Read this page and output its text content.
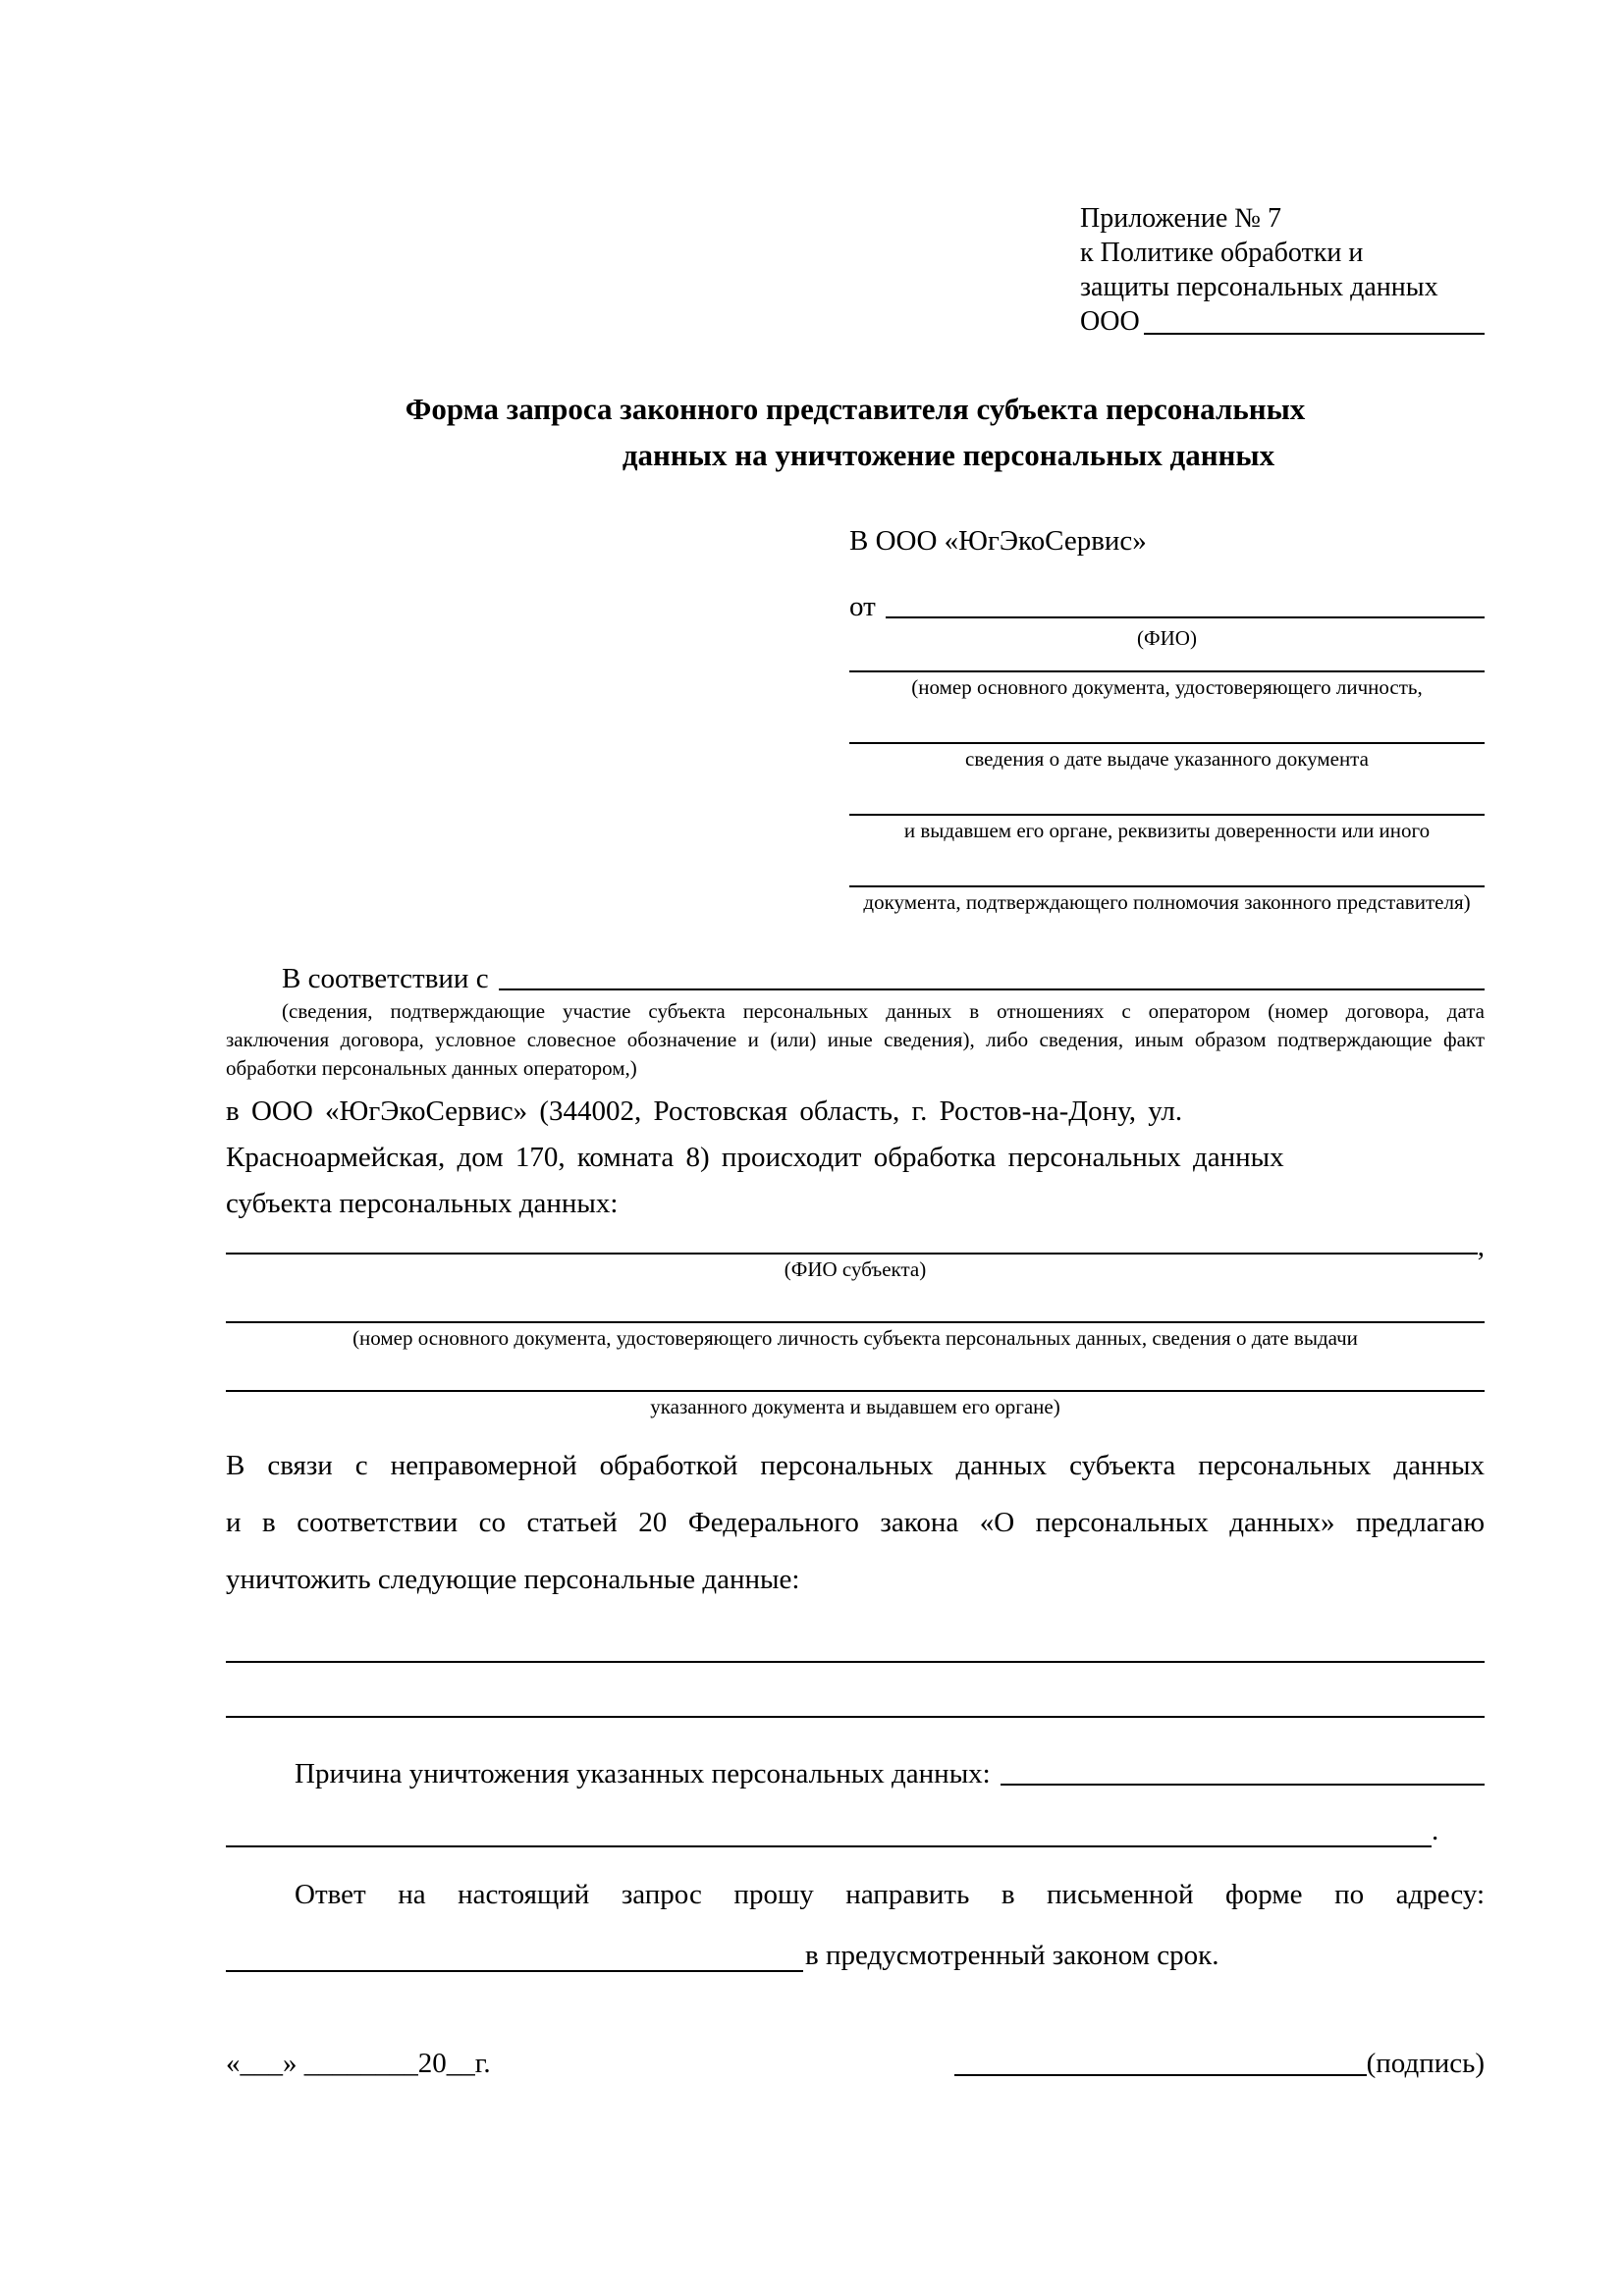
Приложение № 7
к Политике обработки и
защиты персональных данных
ООО
Форма запроса законного представителя субъекта персональных
данных на уничтожение персональных данных
В ООО «ЮгЭкоСервис»
от
(ФИО)
(номер основного документа, удостоверяющего личность,
сведения о дате выдаче указанного документа
и выдавшем его органе, реквизиты доверенности или иного
документа, подтверждающего полномочия законного представителя)
В соответствии с
(сведения, подтверждающие участие субъекта персональных данных в отношениях с оператором (номер договора, дата
заключения договора, условное словесное обозначение и (или) иные сведения), либо сведения, иным образом подтверждающие факт
обработки персональных данных оператором,)
в ООО «ЮгЭкоСервис» (344002, Ростовская область, г. Ростов-на-Дону, ул.
Красноармейская, дом 170, комната 8) происходит обработка персональных данных
субъекта персональных данных:
,
(ФИО субъекта)
(номер основного документа, удостоверяющего личность субъекта персональных данных, сведения о дате выдачи
указанного документа и выдавшем его органе)
В связи с неправомерной обработкой персональных данных субъекта персональных данных
и в соответствии со статьей 20 Федерального закона «О персональных данных» предлагаю
уничтожить следующие персональные данные:
Причина уничтожения указанных персональных данных:
.
Ответ на настоящий запрос прошу направить в письменной форме по адресу:
в предусмотренный законом срок.
«___» ________20__г.	(подпись)
